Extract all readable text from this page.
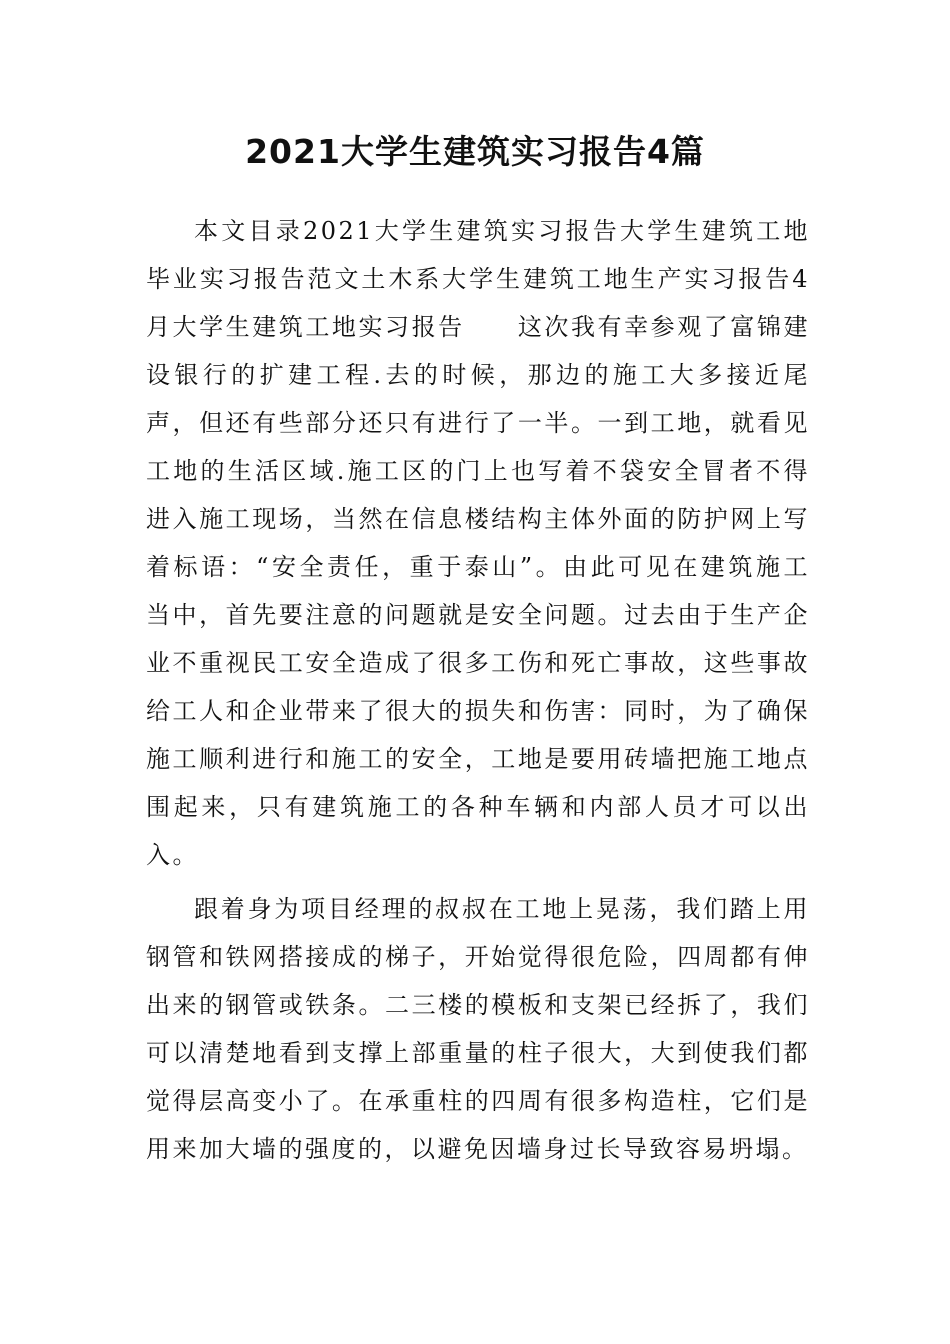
2021大学生建筑实习报告4篇

本文目录2021大学生建筑实习报告大学生建筑工地毕业实习报告范文土木系大学生建筑工地生产实习报告4月大学生建筑工地实习报告　　这次我有幸参观了富锦建设银行的扩建工程.去的时候，那边的施工大多接近尾声，但还有些部分还只有进行了一半。一到工地，就看见工地的生活区域.施工区的门上也写着不袋安全冒者不得进入施工现场，当然在信息楼结构主体外面的防护网上写着标语：“安全责任，重于泰山”。由此可见在建筑施工当中，首先要注意的问题就是安全问题。过去由于生产企业不重视民工安全造成了很多工伤和死亡事故，这些事故给工人和企业带来了很大的损失和伤害：同时，为了确保施工顺利进行和施工的安全，工地是要用砖墙把施工地点围起来，只有建筑施工的各种车辆和内部人员才可以出入。

跟着身为项目经理的叔叔在工地上晃荡，我们踏上用钢管和铁网搭接成的梯子，开始觉得很危险，四周都有伸出来的钢管或铁条。二三楼的模板和支架已经拆了，我们可以清楚地看到支撑上部重量的柱子很大，大到使我们都觉得层高变小了。在承重柱的四周有很多构造柱，它们是用来加大墙的强度的，以避免因墙身过长导致容易坍塌。
